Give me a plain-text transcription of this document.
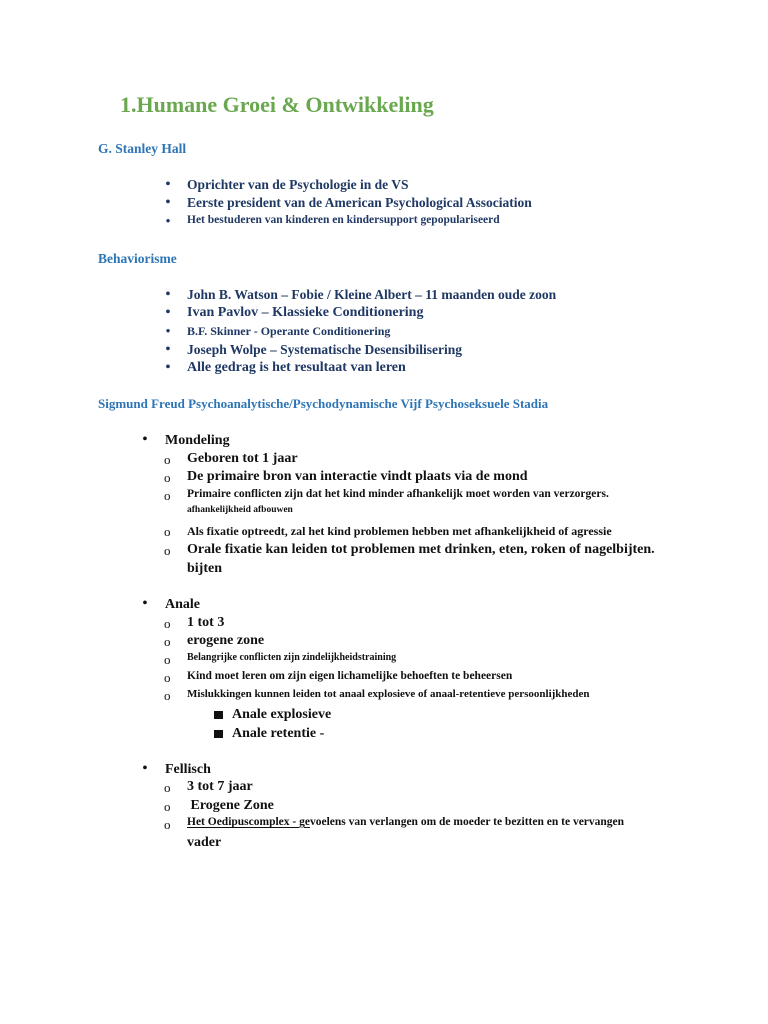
1.Humane Groei & Ontwikkeling
G. Stanley Hall
• Oprichter van de Psychologie in de VS
• Eerste president van de American Psychological Association
•	Het bestuderen van kinderen en kindersupport gepopulariseerd
Behaviorisme
• John B. Watson – Fobie / Kleine Albert – 11 maanden oude zoon
• Ivan Pavlov – Klassieke Conditionering
•	B.F. Skinner - Operante Conditionering
• Joseph Wolpe – Systematische Desensibilisering
• Alle gedrag is het resultaat van leren
Sigmund Freud Psychoanalytische/Psychodynamische Vijf Psychoseksuele Stadia
• Mondeling
o Geboren tot 1 jaar
o De primaire bron van interactie vindt plaats via de mond
o Primaire conflicten zijn dat het kind minder afhankelijk moet worden van verzorgers.
afhankelijkheid afbouwen
o Als fixatie optreedt, zal het kind problemen hebben met afhankelijkheid of agressie
o Orale fixatie kan leiden tot problemen met drinken, eten, roken of nagelbijten.
bijten
• Anale
o 1 tot 3
o erogene zone
o Belangrijke conflicten zijn zindelijkheidstraining
o Kind moet leren om zijn eigen lichamelijke behoeften te beheersen
o Mislukkingen kunnen leiden tot anaal explosieve of anaal-retentieve persoonlijkheden
Anale explosieve
Anale retentie -
• Fellisch
o 3 tot 7 jaar
o Erogene Zone
o Het Oedipuscomplex - gevoelens van verlangen om de moeder te bezitten en te vervangen
vader
